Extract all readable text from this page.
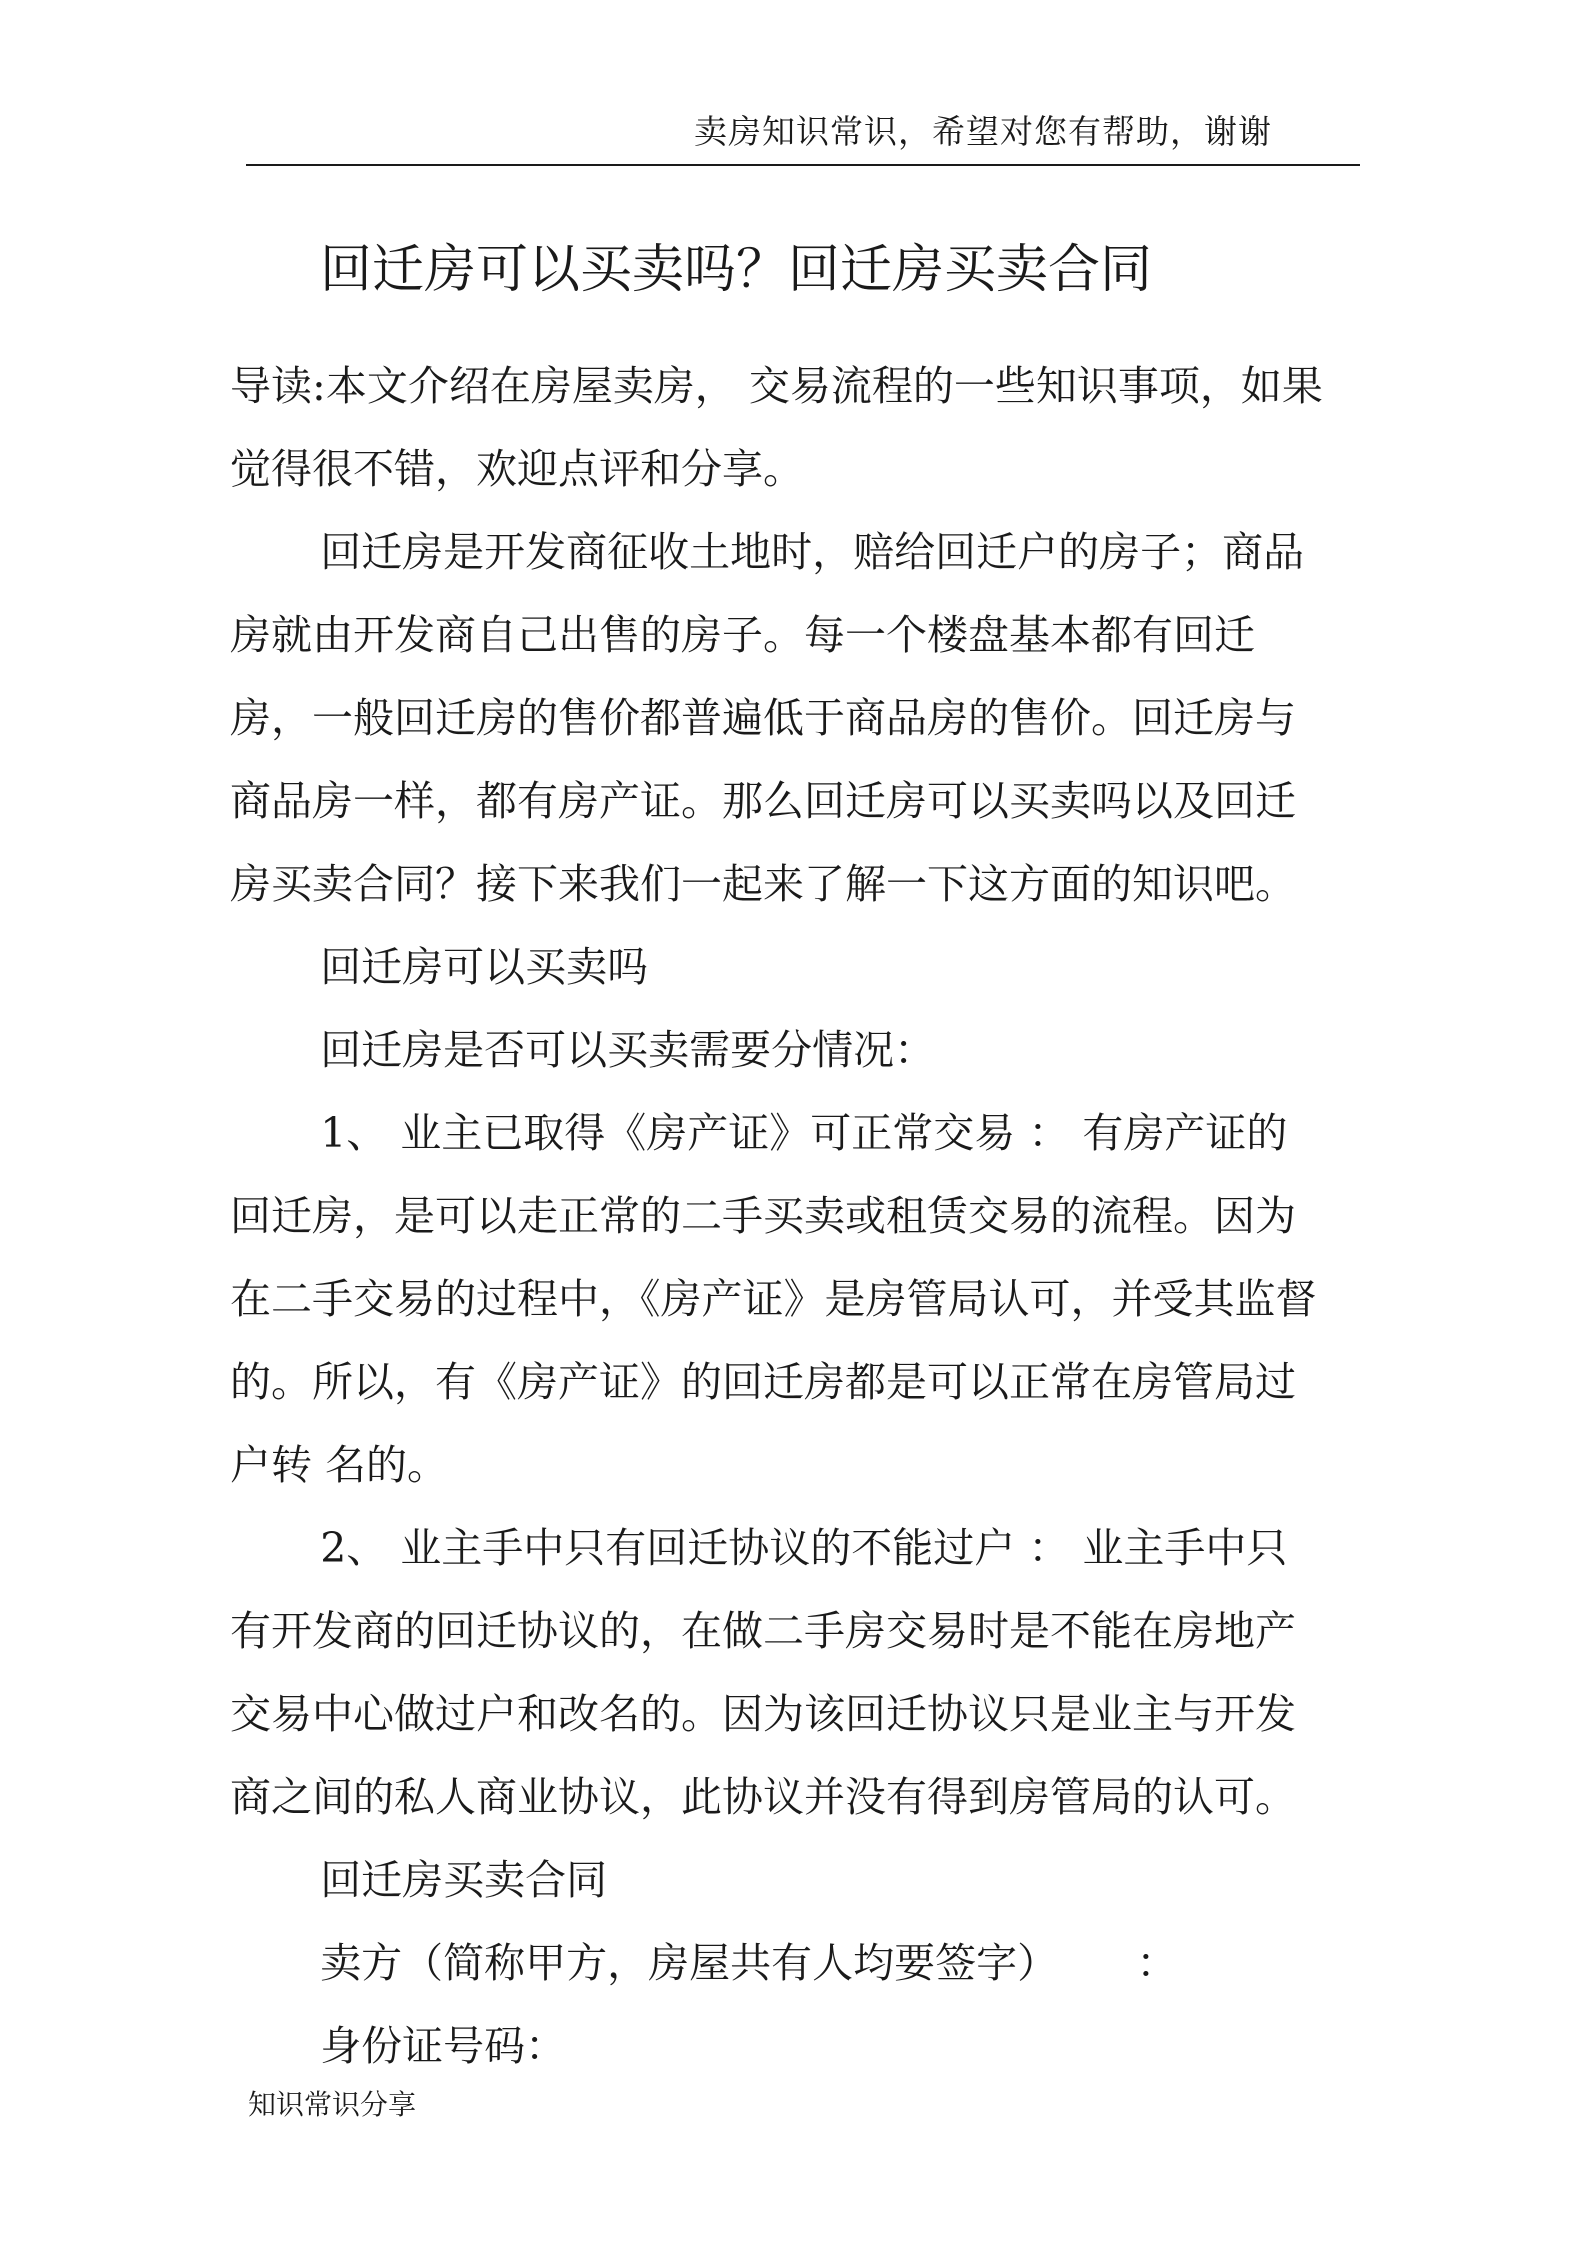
卖房知识常识，希望对您有帮助，谢谢
回迁房可以买卖吗？回迁房买卖合同

导读:本文介绍在房屋卖房， 交易流程的一些知识事项，如果觉得很不错，欢迎点评和分享。

回迁房是开发商征收土地时，赔给回迁户的房子；商品房就由开发商自己出售的房子。每一个楼盘基本都有回迁房，一般回迁房的售价都普遍低于商品房的售价。回迁房与商品房一样，都有房产证。那么回迁房可以买卖吗以及回迁房买卖合同？接下来我们一起来了解一下这方面的知识吧。

回迁房可以买卖吗

回迁房是否可以买卖需要分情况：

1、 业主已取得《房产证》可正常交易 ： 有房产证的回迁房，是可以走正常的二手买卖或租赁交易的流程。因为在二手交易的过程中，《房产证》是房管局认可，并受其监督的。所以，有《房产证》的回迁房都是可以正常在房管局过户转 名的。

2、 业主手中只有回迁协议的不能过户 ： 业主手中只有开发商的回迁协议的，在做二手房交易时是不能在房地产交易中心做过户和改名的。因为该回迁协议只是业主与开发商之间的私人商业协议，此协议并没有得到房管局的认可。

回迁房买卖合同

卖方（简称甲方，房屋共有人均要签字）      ：

身份证号码：

知识常识分享
